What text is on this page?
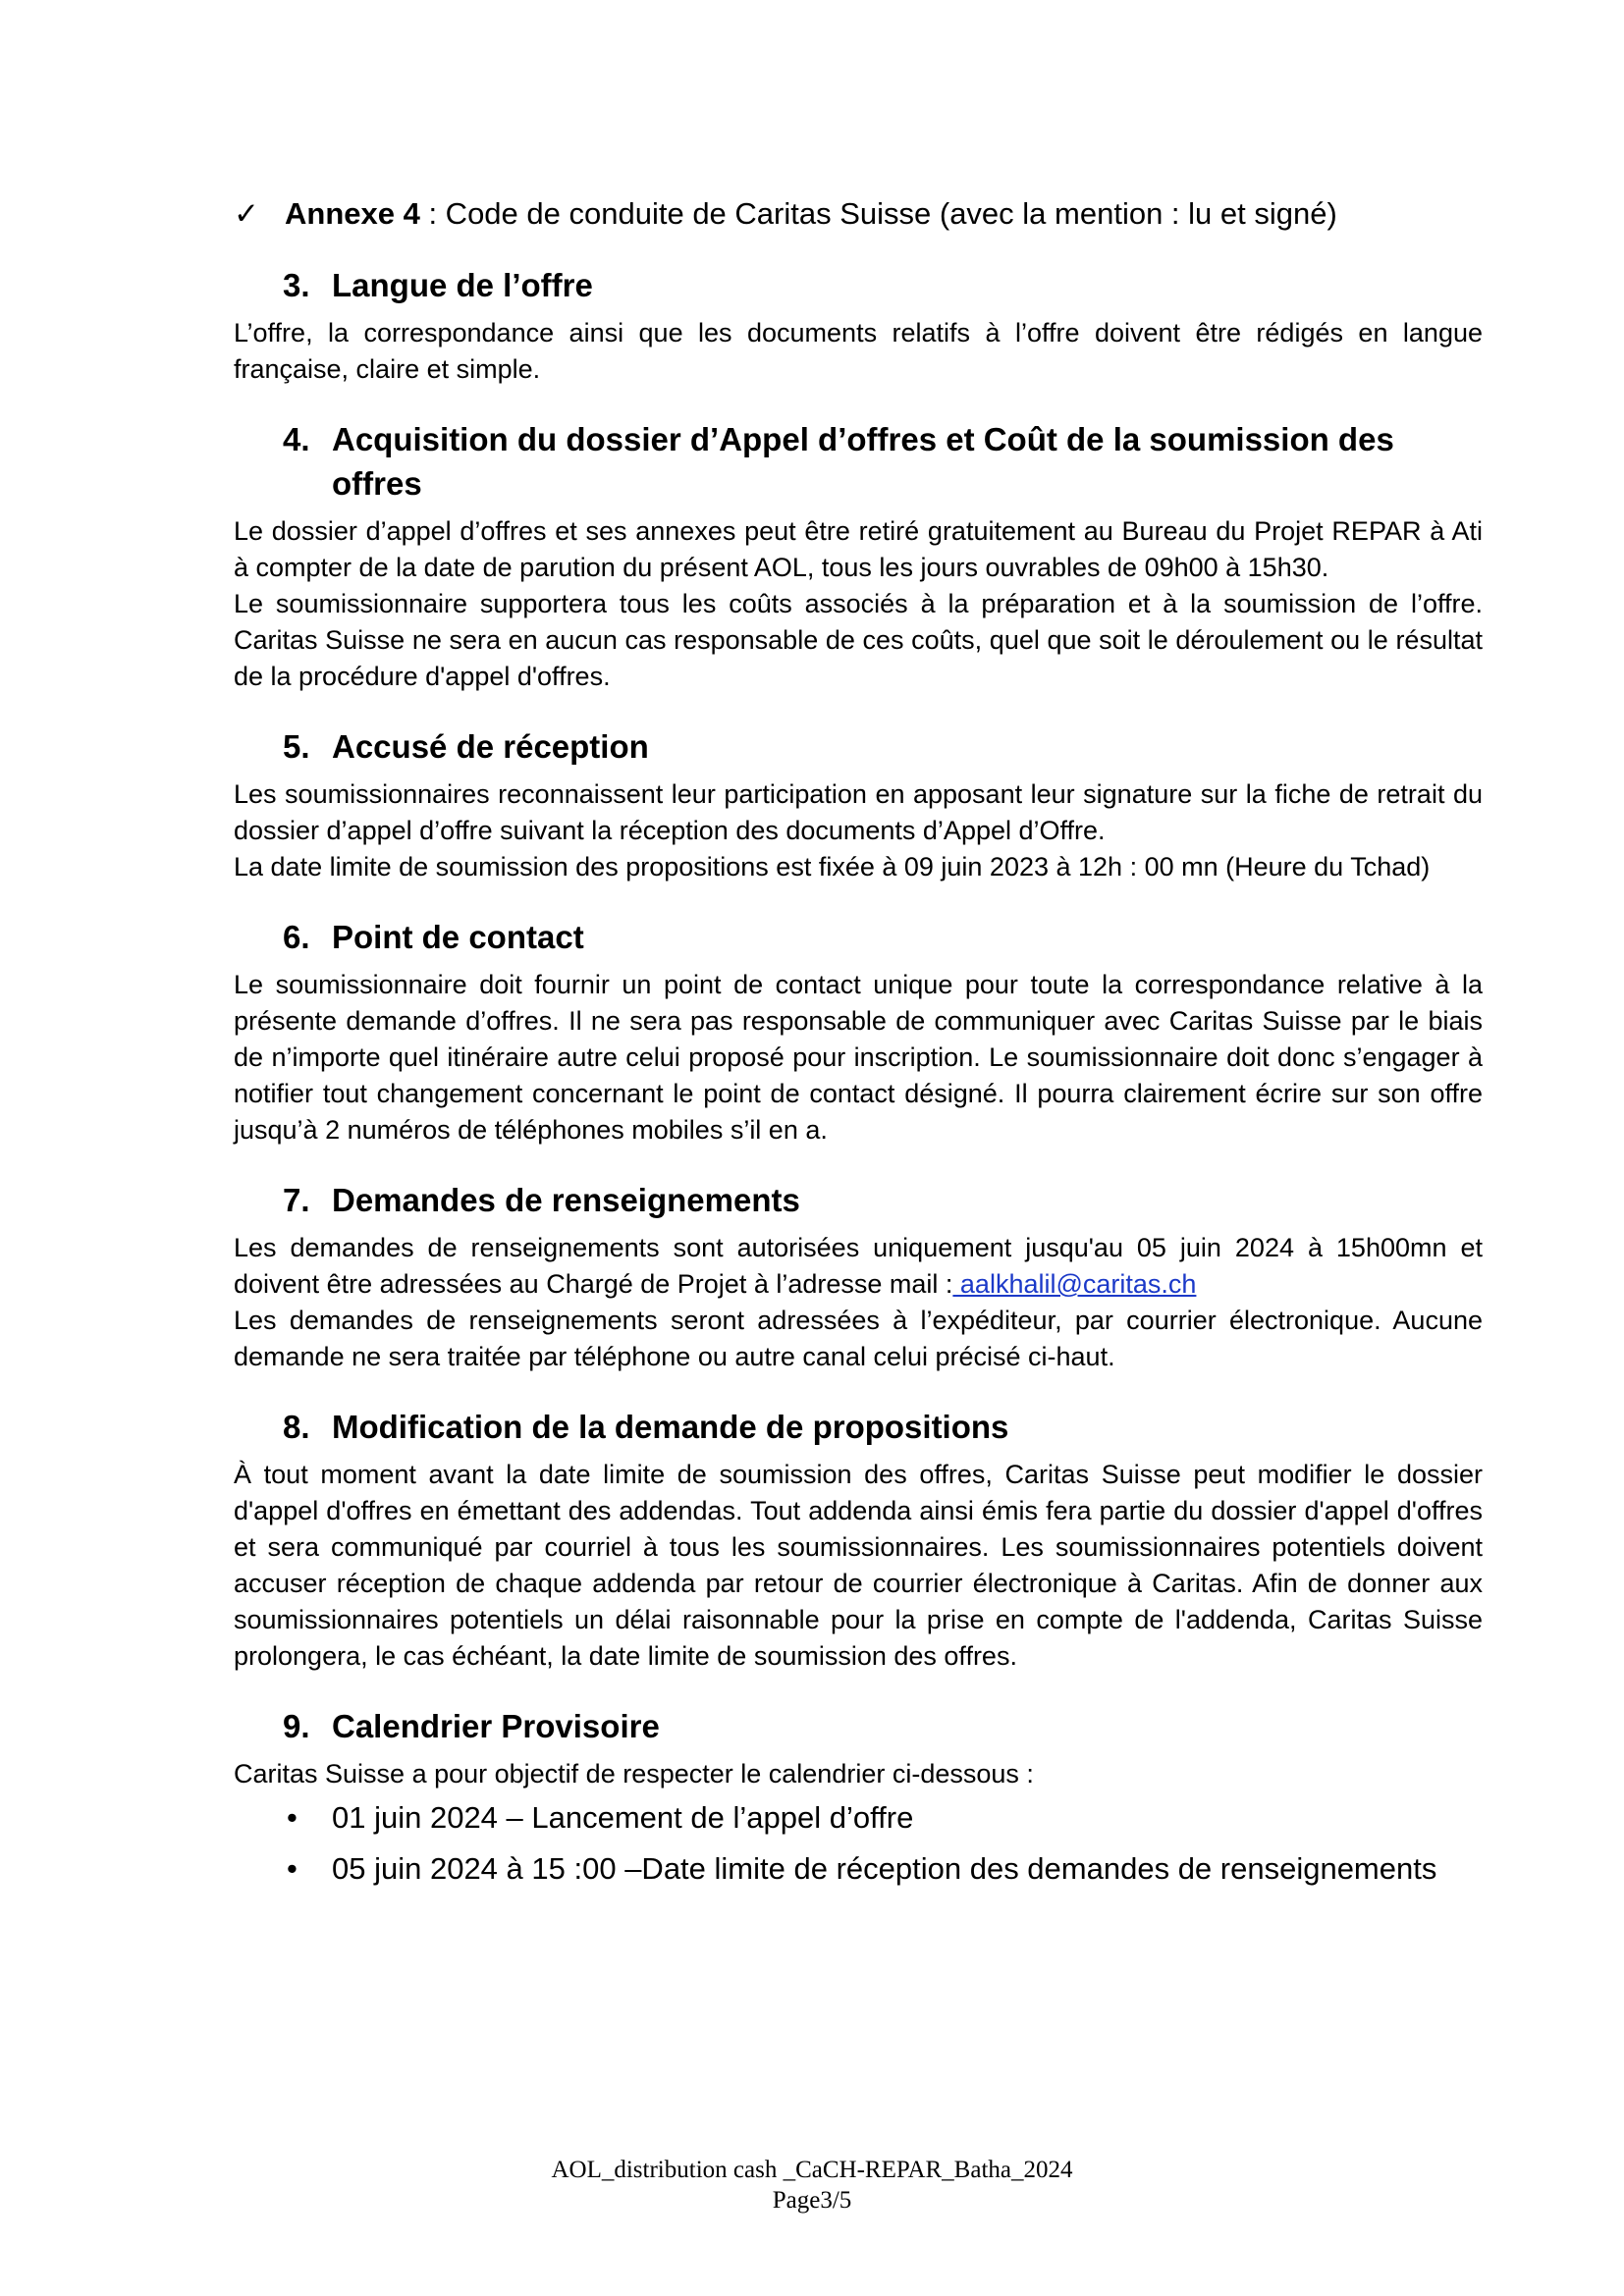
✓ Annexe 4 : Code de conduite de Caritas Suisse (avec la mention : lu et signé)
3. Langue de l’offre

L’offre, la correspondance ainsi que les documents relatifs à l’offre doivent être rédigés en langue française, claire et simple.

4. Acquisition du dossier d’Appel d’offres et Coût de la soumission des offres

Le dossier d’appel d’offres et ses annexes peut être retiré gratuitement au Bureau du Projet REPAR à Ati à compter de la date de parution du présent AOL, tous les jours ouvrables de 09h00 à 15h30.

Le soumissionnaire supportera tous les coûts associés à la préparation et à la soumission de l’offre. Caritas Suisse ne sera en aucun cas responsable de ces coûts, quel que soit le déroulement ou le résultat de la procédure d'appel d'offres.

5. Accusé de réception

Les soumissionnaires reconnaissent leur participation en apposant leur signature sur la fiche de retrait du dossier d’appel d’offre suivant la réception des documents d’Appel d’Offre.

La date limite de soumission des propositions est fixée à 09 juin 2023 à 12h : 00 mn (Heure du Tchad)

6. Point de contact

Le soumissionnaire doit fournir un point de contact unique pour toute la correspondance relative à la présente demande d’offres. Il ne sera pas responsable de communiquer avec Caritas Suisse par le biais de n’importe quel itinéraire autre celui proposé pour inscription. Le soumissionnaire doit donc s’engager à notifier tout changement concernant le point de contact désigné. Il pourra clairement écrire sur son offre jusqu’à 2 numéros de téléphones mobiles s’il en a.

7. Demandes de renseignements

Les demandes de renseignements sont autorisées uniquement jusqu'au 05 juin 2024 à 15h00mn et doivent être adressées au Chargé de Projet à l’adresse mail : aalkhalil@caritas.ch

Les demandes de renseignements seront adressées à l’expéditeur, par courrier électronique. Aucune demande ne sera traitée par téléphone ou autre canal celui précisé ci-haut.

8. Modification de la demande de propositions

À tout moment avant la date limite de soumission des offres, Caritas Suisse peut modifier le dossier d'appel d'offres en émettant des addendas. Tout addenda ainsi émis fera partie du dossier d'appel d'offres et sera communiqué par courriel à tous les soumissionnaires. Les soumissionnaires potentiels doivent accuser réception de chaque addenda par retour de courrier électronique à Caritas. Afin de donner aux soumissionnaires potentiels un délai raisonnable pour la prise en compte de l'addenda, Caritas Suisse prolongera, le cas échéant, la date limite de soumission des offres.

9. Calendrier Provisoire

Caritas Suisse a pour objectif de respecter le calendrier ci-dessous :

• 01 juin 2024 – Lancement de l’appel d’offre
• 05 juin 2024 à 15 :00 –Date limite de réception des demandes de renseignements
AOL_distribution cash _CaCH-REPAR_Batha_2024
Page3/5
